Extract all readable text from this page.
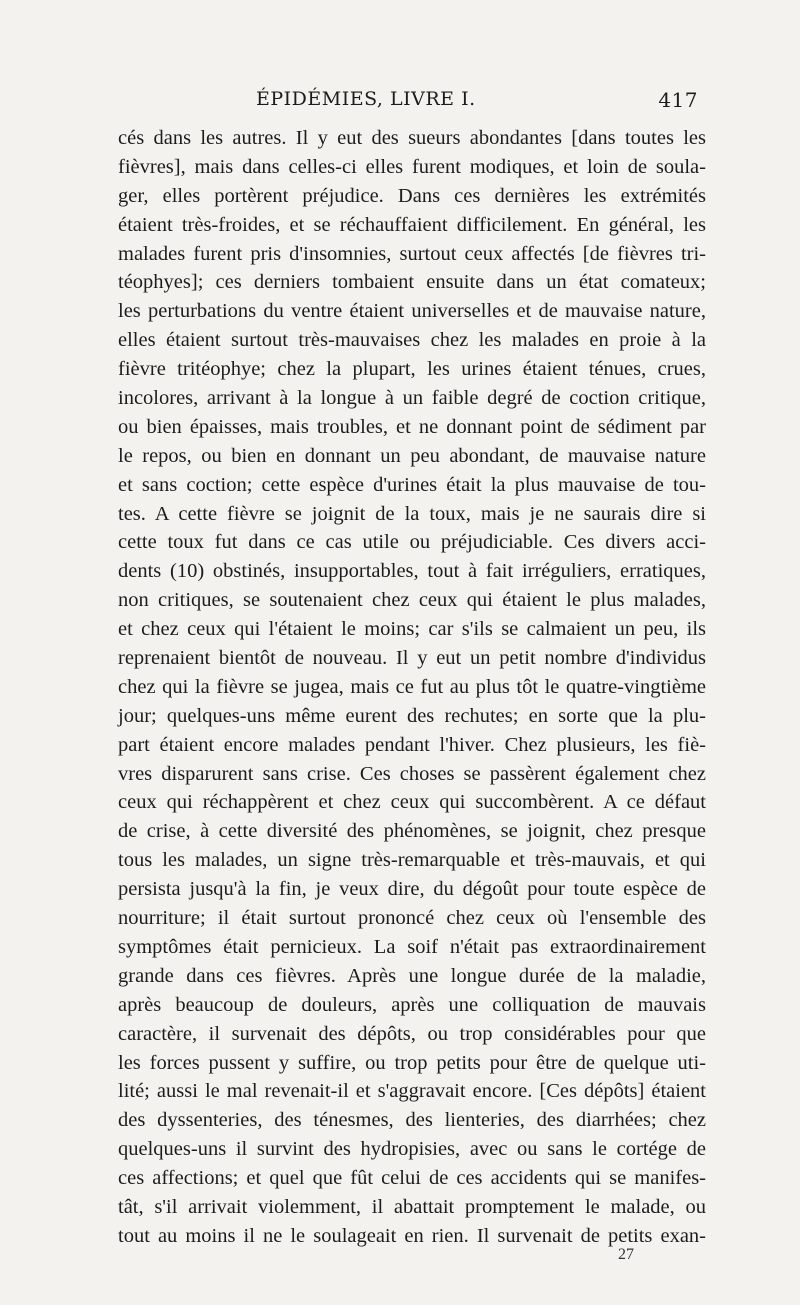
ÉPIDÉMIES, LIVRE I.	417
cés dans les autres. Il y eut des sueurs abondantes [dans toutes les
fièvres], mais dans celles-ci elles furent modiques, et loin de soula-
ger, elles portèrent préjudice. Dans ces dernières les extrémités
étaient très-froides, et se réchauffaient difficilement. En général, les
malades furent pris d'insomnies, surtout ceux affectés [de fièvres tri-
téophyes]; ces derniers tombaient ensuite dans un état comateux;
les perturbations du ventre étaient universelles et de mauvaise nature,
elles étaient surtout très-mauvaises chez les malades en proie à la
fièvre tritéophye; chez la plupart, les urines étaient ténues, crues,
incolores, arrivant à la longue à un faible degré de coction critique,
ou bien épaisses, mais troubles, et ne donnant point de sédiment par
le repos, ou bien en donnant un peu abondant, de mauvaise nature
et sans coction; cette espèce d'urines était la plus mauvaise de tou-
tes. A cette fièvre se joignit de la toux, mais je ne saurais dire si
cette toux fut dans ce cas utile ou préjudiciable. Ces divers acci-
dents (10) obstinés, insupportables, tout à fait irréguliers, erratiques,
non critiques, se soutenaient chez ceux qui étaient le plus malades,
et chez ceux qui l'étaient le moins; car s'ils se calmaient un peu, ils
reprenaient bientôt de nouveau. Il y eut un petit nombre d'individus
chez qui la fièvre se jugea, mais ce fut au plus tôt le quatre-vingtième
jour; quelques-uns même eurent des rechutes; en sorte que la plu-
part étaient encore malades pendant l'hiver. Chez plusieurs, les fiè-
vres disparurent sans crise. Ces choses se passèrent également chez
ceux qui réchappèrent et chez ceux qui succombèrent. A ce défaut
de crise, à cette diversité des phénomènes, se joignit, chez presque
tous les malades, un signe très-remarquable et très-mauvais, et qui
persista jusqu'à la fin, je veux dire, du dégoût pour toute espèce de
nourriture; il était surtout prononcé chez ceux où l'ensemble des
symptômes était pernicieux. La soif n'était pas extraordinairement
grande dans ces fièvres. Après une longue durée de la maladie,
après beaucoup de douleurs, après une colliquation de mauvais
caractère, il survenait des dépôts, ou trop considérables pour que
les forces pussent y suffire, ou trop petits pour être de quelque uti-
lité; aussi le mal revenait-il et s'aggravait encore. [Ces dépôts] étaient
des dyssenteries, des ténesmes, des lienteries, des diarrhées; chez
quelques-uns il survint des hydropisies, avec ou sans le cortége de
ces affections; et quel que fût celui de ces accidents qui se manifes-
tât, s'il arrivait violemment, il abattait promptement le malade, ou
tout au moins il ne le soulageait en rien. Il survenait de petits exan-
27
